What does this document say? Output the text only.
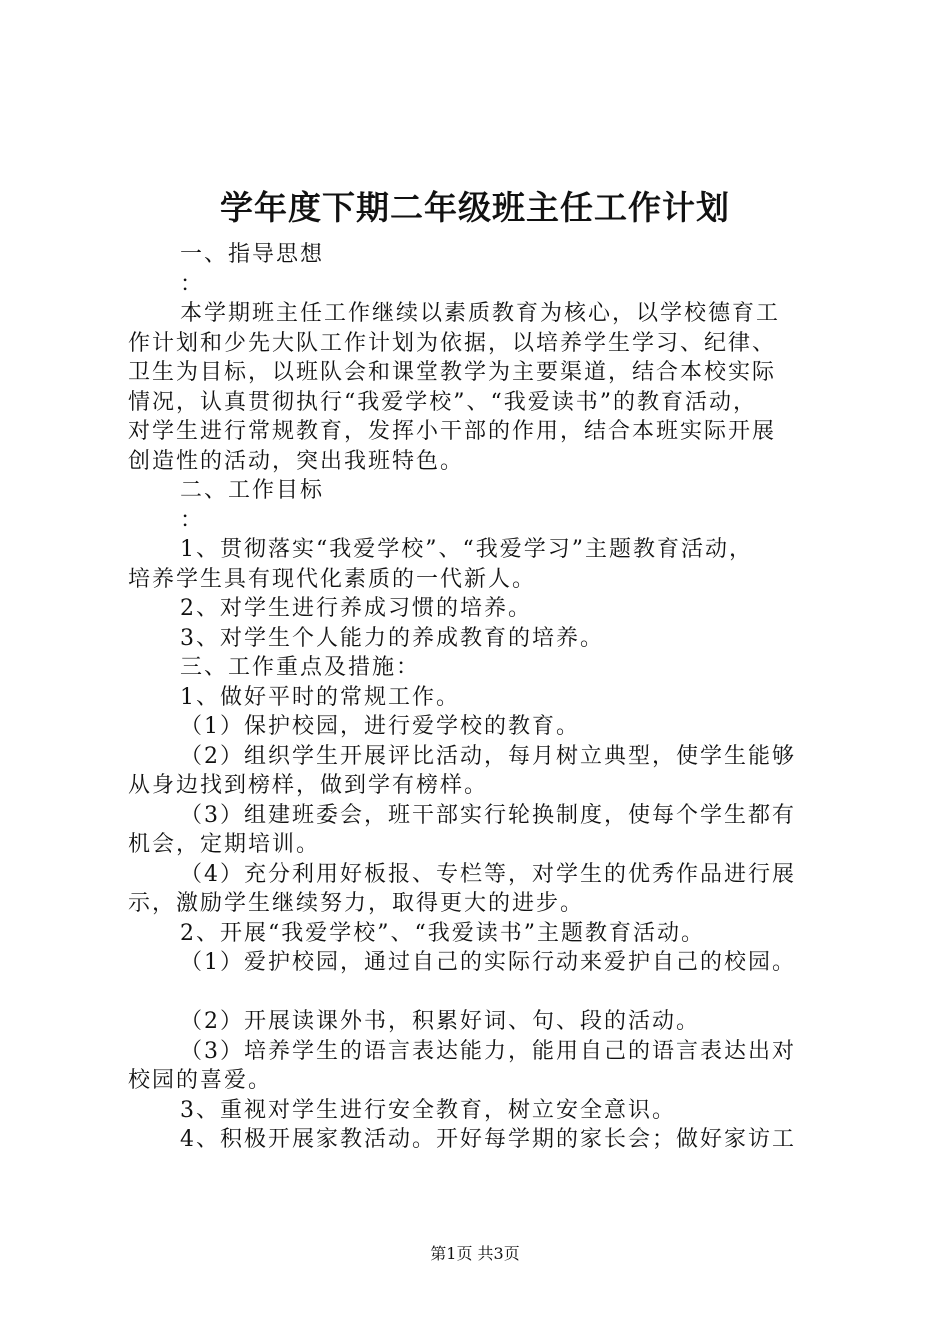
学年度下期二年级班主任工作计划
一、指导思想
：
本学期班主任工作继续以素质教育为核心，以学校德育工
作计划和少先大队工作计划为依据，以培养学生学习、纪律、
卫生为目标，以班队会和课堂教学为主要渠道，结合本校实际
情况，认真贯彻执行“我爱学校”、“我爱读书”的教育活动，
对学生进行常规教育，发挥小干部的作用，结合本班实际开展
创造性的活动，突出我班特色。
二、工作目标
：
1、贯彻落实“我爱学校”、“我爱学习”主题教育活动，
培养学生具有现代化素质的一代新人。
2、对学生进行养成习惯的培养。
3、对学生个人能力的养成教育的培养。
三、工作重点及措施：
1、做好平时的常规工作。
（1）保护校园，进行爱学校的教育。
（2）组织学生开展评比活动，每月树立典型，使学生能够
从身边找到榜样，做到学有榜样。
（3）组建班委会，班干部实行轮换制度，使每个学生都有
机会，定期培训。
（4）充分利用好板报、专栏等，对学生的优秀作品进行展
示，激励学生继续努力，取得更大的进步。
2、开展“我爱学校”、“我爱读书”主题教育活动。
（1）爱护校园，通过自己的实际行动来爱护自己的校园。
（2）开展读课外书，积累好词、句、段的活动。
（3）培养学生的语言表达能力，能用自己的语言表达出对
校园的喜爱。
3、重视对学生进行安全教育，树立安全意识。
4、积极开展家教活动。开好每学期的家长会；做好家访工
第1页 共3页
